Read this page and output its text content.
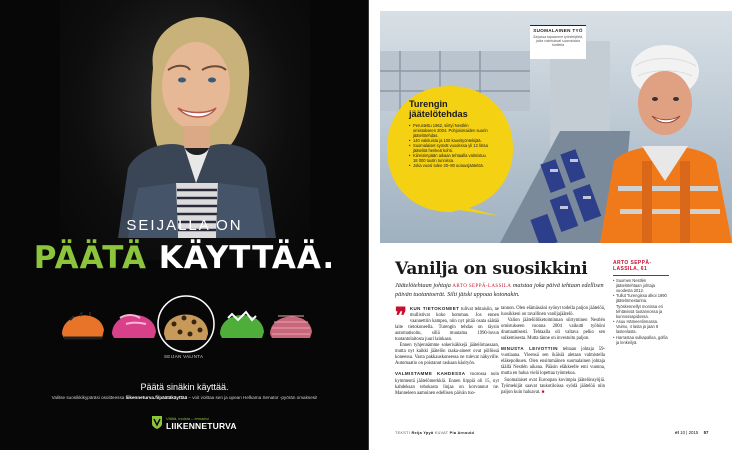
SEIJALLA ON
PÄÄTÄ KÄYTTÄÄ.
SEIJAN VALINTA
Päätä sinäkin käyttää.
Valitse suosikkikypäräsi osoitteessa liikenneturva.fi/päätäkäyttää – voit voittaa sen ja upean Helkama Senator -pyörän omaksesi!
Välitä, muista – ennakoi.
LIIKENNETURVA
SUOMALAINEN TYÖ
Sarjassa tapaamme työntekijöitä, jotka valmistavat suomalaisia tuotteita
Turengin jäätelötehdas
• Perustettu 1962, siirtyi Nestlén omistukseen 2004. Pohjoismaiden suurin jäätelötehdas.
• 140 vakituista ja 100 kausityöntekijää.
• Suomalaiset syövät vuodessa yli 12 litraa jäätelöä henkeä kohti.
• Kiireisimpään aikaan tehtaalla valmistuu 18 000 tuutin tunnissa.
• Joka vuosi tulee 20–80 uutuusjäätelöä.
Vanilja on suosikkini
Jäätelötehtaan johtaja ARTO SEPPÄ-LASSILA maistaa joka päivä tehtaan edellisen päivän tuotantoerät. Silti jätski uppoaa kotonakin.

❞ KUN TIETOKONEET tulivat tehtaisiin, ne mullistivat koko homman. Jos ennen vaannettiin kampea, niin nyt pitää osata säätää laite tietokoneella. Turengin tehdas on täysin automatisoitu, sillä muutama 1990-luvun tuotantolaitosta juuri lainkaan.

Ennen tyhjennämme sokerisäkkejä jäätelömassaan, mutta nyt kaikki jäätelön raaka-aineet ovat pöllössä koneessa. Vasta pakkauskoneessa ne tulevat näkyville. Automaatio on poistanut raskaan käsityön.

VALMISTAMME KAHDESSA vuorossa noin kymmentä jäätelömerkkiä. Ennen lirppiä oli 15, nyt kahdeksan tehokasta linjaa on korvannut ne. Manneleen aamuinen edellisen päivän tuo-

tannon. Olen elämässäni syönyt todella paljon jäätelöä, luosikkeni on tavallinen vaniljajäätelö.

Valion jäätelöliiketoiminnan siirtyminen Nestlén omistukseen vuonna 2004 vaikutti työhöni dramaattisesti. Tehtaalla oli valtava pelko sen sulkemisesta. Mutta tänne on investoitu paljon.

MINUSTA LEIVOTTIIN tehtaan johtaja 59-vuotiaana. Yleensä sen ikäisiä aletaan valmistella eläkepolkuen. Olen ensimmäinen suomalainen johtaja täällä Nestlén aikana. Pääsin eläkkeelle emi vuonna, mutta en halua vielä lopettaa työntekoa.

Suomalaiset ovat Euroopan kovimpia jäätelönsyöjiä. Työmekijät saavat taukotiloissa syödä jäätelöä niin paljon kuin haluavat. ■

ARTO SEPPÄ-LASSILA, 61
• Suomen Nestlén jäätelötehtaan johtaja vuodesta 2012.
• Tullut Turengissa alkoi 1990 jäätelömestarina. Työskennellyt monissa eri tehtävissä tuotannossa ja kunnossapidossa.
• Asuu Hämeenlinnassa. Vaimo, 4 lasta ja jaan 8 lastenlasta.
• Harrastaa sulkapalloa, golfia ja lenkeilyä.
TEKSTI Reija Ypyä KUVAT Pia Arnould	et 10 | 2015 57
